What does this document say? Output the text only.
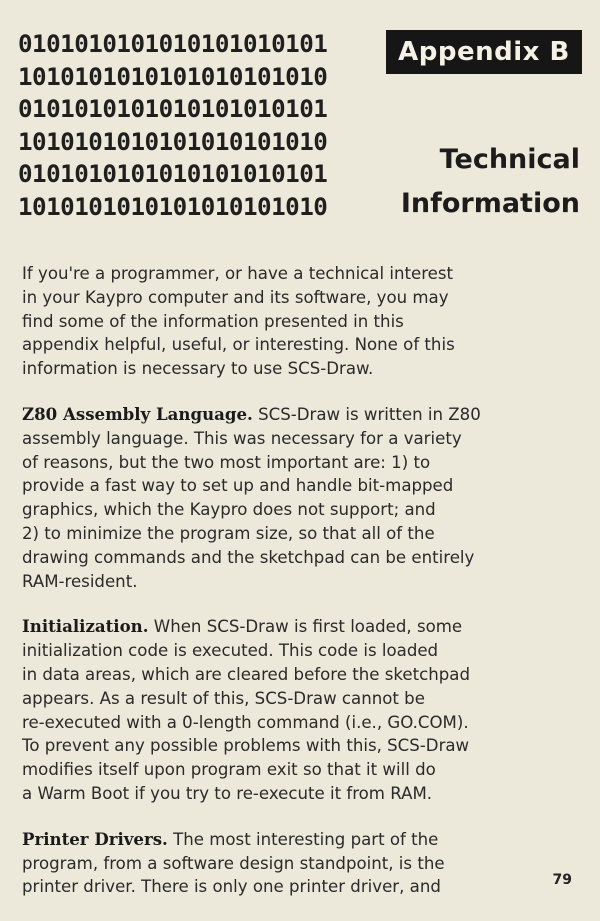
0101010101010101010101
1010101010101010101010
0101010101010101010101
1010101010101010101010
0101010101010101010101
1010101010101010101010
Appendix B
Technical
Information

If you're a programmer, or have a technical interest
in your Kaypro computer and its software, you may
find some of the information presented in this
appendix helpful, useful, or interesting. None of this
information is necessary to use SCS-Draw.

Z80 Assembly Language. SCS-Draw is written in Z80
assembly language. This was necessary for a variety
of reasons, but the two most important are: 1) to
provide a fast way to set up and handle bit-mapped
graphics, which the Kaypro does not support; and
2) to minimize the program size, so that all of the
drawing commands and the sketchpad can be entirely
RAM-resident.

Initialization. When SCS-Draw is first loaded, some
initialization code is executed. This code is loaded
in data areas, which are cleared before the sketchpad
appears. As a result of this, SCS-Draw cannot be
re-executed with a 0-length command (i.e., GO.COM).
To prevent any possible problems with this, SCS-Draw
modifies itself upon program exit so that it will do
a Warm Boot if you try to re-execute it from RAM.

Printer Drivers. The most interesting part of the
program, from a software design standpoint, is the
printer driver. There is only one printer driver, and	79
